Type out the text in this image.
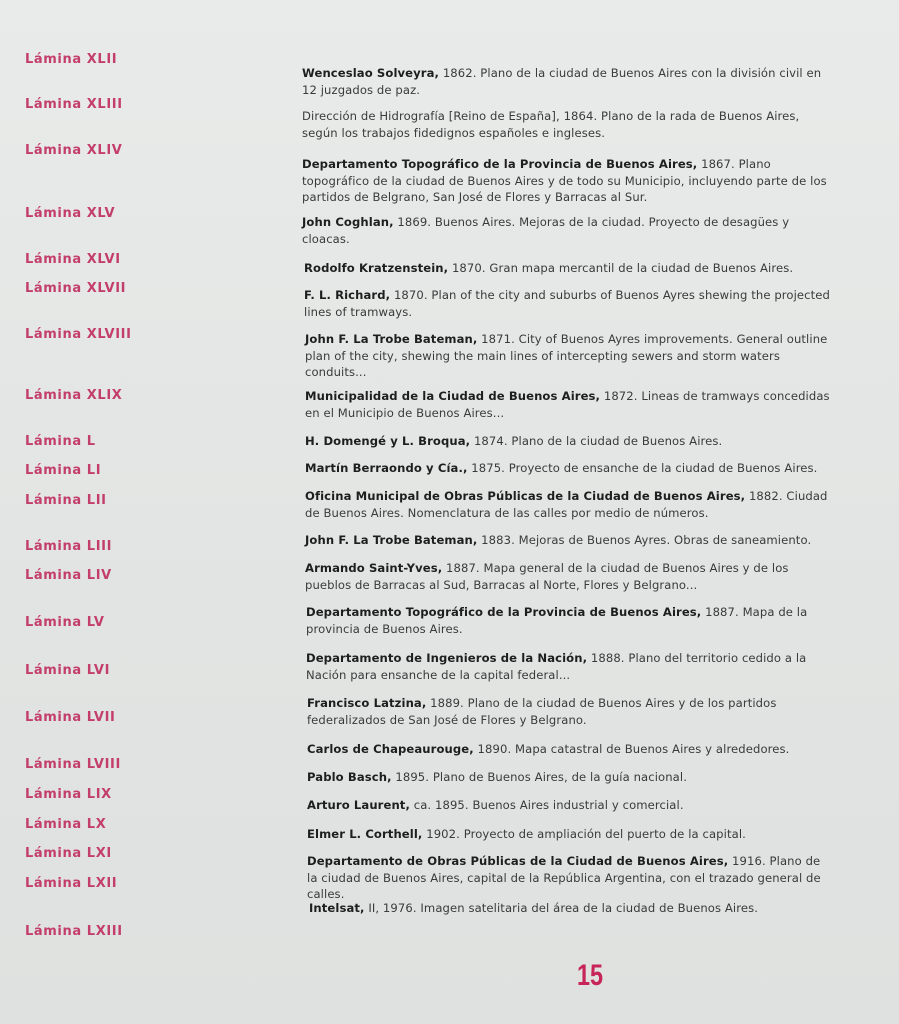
Lámina XLII
Lámina XLIII
Lámina XLIV
Lámina XLV
Lámina XLVI
Lámina XLVII
Lámina XLVIII
Lámina XLIX
Lámina L
Lámina LI
Lámina LII
Lámina LIII
Lámina LIV
Lámina LV
Lámina LVI
Lámina LVII
Lámina LVIII
Lámina LIX
Lámina LX
Lámina LXI
Lámina LXII
Lámina LXIII
Wenceslao Solveyra, 1862. Plano de la ciudad de Buenos Aires con la división civil en 12 juzgados de paz.
Dirección de Hidrografía [Reino de España], 1864. Plano de la rada de Buenos Aires, según los trabajos fidedignos españoles e ingleses.
Departamento Topográfico de la Provincia de Buenos Aires, 1867. Plano topográfico de la ciudad de Buenos Aires y de todo su Municipio, incluyendo parte de los partidos de Belgrano, San José de Flores y Barracas al Sur.
John Coghlan, 1869. Buenos Aires. Mejoras de la ciudad. Proyecto de desagües y cloacas.
Rodolfo Kratzenstein, 1870. Gran mapa mercantil de la ciudad de Buenos Aires.
F. L. Richard, 1870. Plan of the city and suburbs of Buenos Ayres shewing the projected lines of tramways.
John F. La Trobe Bateman, 1871. City of Buenos Ayres improvements. General outline plan of the city, shewing the main lines of intercepting sewers and storm waters conduits...
Municipalidad de la Ciudad de Buenos Aires, 1872. Lineas de tramways concedidas en el Municipio de Buenos Aires...
H. Domengé y L. Broqua, 1874. Plano de la ciudad de Buenos Aires.
Martín Berraondo y Cía., 1875. Proyecto de ensanche de la ciudad de Buenos Aires.
Oficina Municipal de Obras Públicas de la Ciudad de Buenos Aires, 1882. Ciudad de Buenos Aires. Nomenclatura de las calles por medio de números.
John F. La Trobe Bateman, 1883. Mejoras de Buenos Ayres. Obras de saneamiento.
Armando Saint-Yves, 1887. Mapa general de la ciudad de Buenos Aires y de los pueblos de Barracas al Sud, Barracas al Norte, Flores y Belgrano...
Departamento Topográfico de la Provincia de Buenos Aires, 1887. Mapa de la provincia de Buenos Aires.
Departamento de Ingenieros de la Nación, 1888. Plano del territorio cedido a la Nación para ensanche de la capital federal...
Francisco Latzina, 1889. Plano de la ciudad de Buenos Aires y de los partidos federalizados de San José de Flores y Belgrano.
Carlos de Chapeaurouge, 1890. Mapa catastral de Buenos Aires y alrededores.
Pablo Basch, 1895. Plano de Buenos Aires, de la guía nacional.
Arturo Laurent, ca. 1895. Buenos Aires industrial y comercial.
Elmer L. Corthell, 1902. Proyecto de ampliación del puerto de la capital.
Departamento de Obras Públicas de la Ciudad de Buenos Aires, 1916. Plano de la ciudad de Buenos Aires, capital de la República Argentina, con el trazado general de calles.
Intelsat, II, 1976. Imagen satelitaria del área de la ciudad de Buenos Aires.
15
